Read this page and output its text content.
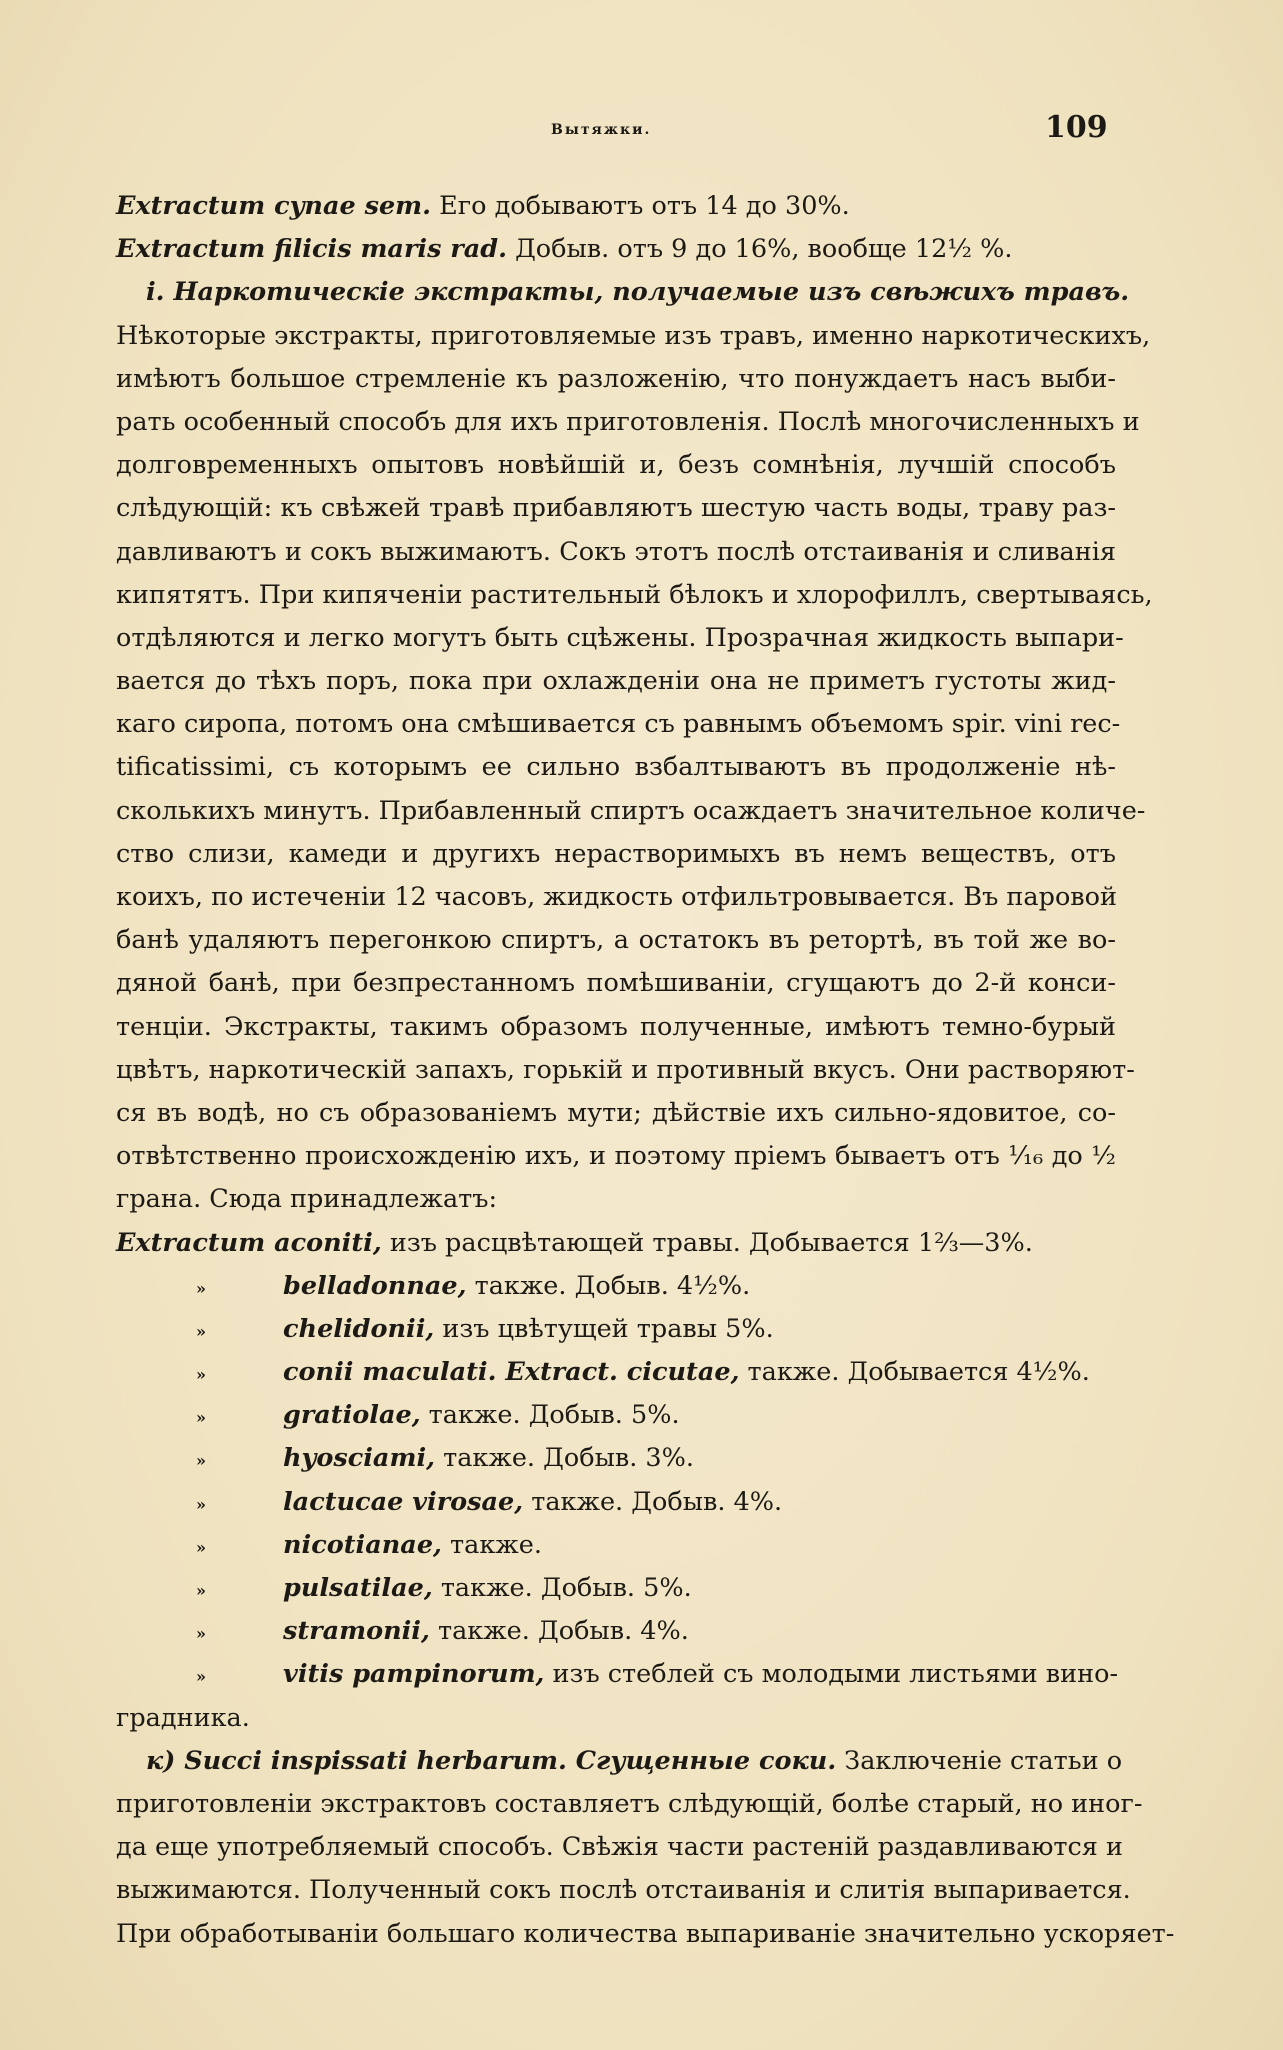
Вытяжки.	109
Extractum cynae sem. Его добываютъ отъ 14 до 30%.
Extractum filicis maris rad. Добыв. отъ 9 до 16%, вообще 12½ %.
i. Наркотическіе экстракты, получаемые изъ свѣжихъ травъ.
Нѣкоторые экстракты, приготовляемые изъ травъ, именно наркотическихъ,
имѣютъ большое стремленіе къ разложенію, что понуждаетъ насъ выби-
рать особенный способъ для ихъ приготовленія. Послѣ многочисленныхъ и
долговременныхъ опытовъ новѣйшій и, безъ сомнѣнія, лучшій способъ
слѣдующій: къ свѣжей травѣ прибавляютъ шестую часть воды, траву раз-
давливаютъ и сокъ выжимаютъ. Сокъ этотъ послѣ отстаиванія и сливанія
кипятятъ. При кипяченіи растительный бѣлокъ и хлорофиллъ, свертываясь,
отдѣляются и легко могутъ быть сцѣжены. Прозрачная жидкость выпари-
вается до тѣхъ поръ, пока при охлажденіи она не приметъ густоты жид-
каго сиропа, потомъ она смѣшивается съ равнымъ объемомъ spir. vini rec-
tificatissimi, съ которымъ ее сильно взбалтываютъ въ продолженіе нѣ-
сколькихъ минутъ. Прибавленный спиртъ осаждаетъ значительное количе-
ство слизи, камеди и другихъ нерастворимыхъ въ немъ веществъ, отъ
коихъ, по истеченіи 12 часовъ, жидкость отфильтровывается. Въ паровой
банѣ удаляютъ перегонкою спиртъ, а остатокъ въ ретортѣ, въ той же во-
дяной банѣ, при безпрестанномъ помѣшиваніи, сгущаютъ до 2-й конси-
тенціи. Экстракты, такимъ образомъ полученные, имѣютъ темно-бурый
цвѣтъ, наркотическій запахъ, горькій и противный вкусъ. Они растворяют-
ся въ водѣ, но съ образованіемъ мути; дѣйствіе ихъ сильно-ядовитое, со-
отвѣтственно происхожденію ихъ, и поэтому пріемъ бываетъ отъ ¹⁄₁₆ до ½
грана. Сюда принадлежатъ:
Extractum aconiti, изъ расцвѣтающей травы. Добывается 1⅔—3%.
»	belladonnae, также. Добыв. 4½%.
»	chelidonii, изъ цвѣтущей травы 5%.
»	conii maculati. Extract. cicutae, также. Добывается 4½%.
»	gratiolae, также. Добыв. 5%.
»	hyosciami, также. Добыв. 3%.
»	lactucae virosae, также. Добыв. 4%.
»	nicotianae, также.
»	pulsatilae, также. Добыв. 5%.
»	stramonii, также. Добыв. 4%.
»	vitis pampinorum, изъ стеблей съ молодыми листьями вино-
градника.
к) Succi inspissati herbarum. Сгущенные соки. Заключеніе статьи о
приготовленіи экстрактовъ составляетъ слѣдующій, болѣе старый, но иног-
да еще употребляемый способъ. Свѣжія части растеній раздавливаются и
выжимаются. Полученный сокъ послѣ отстаиванія и слитія выпаривается.
При обработываніи большаго количества выпариваніе значительно ускоряет-
